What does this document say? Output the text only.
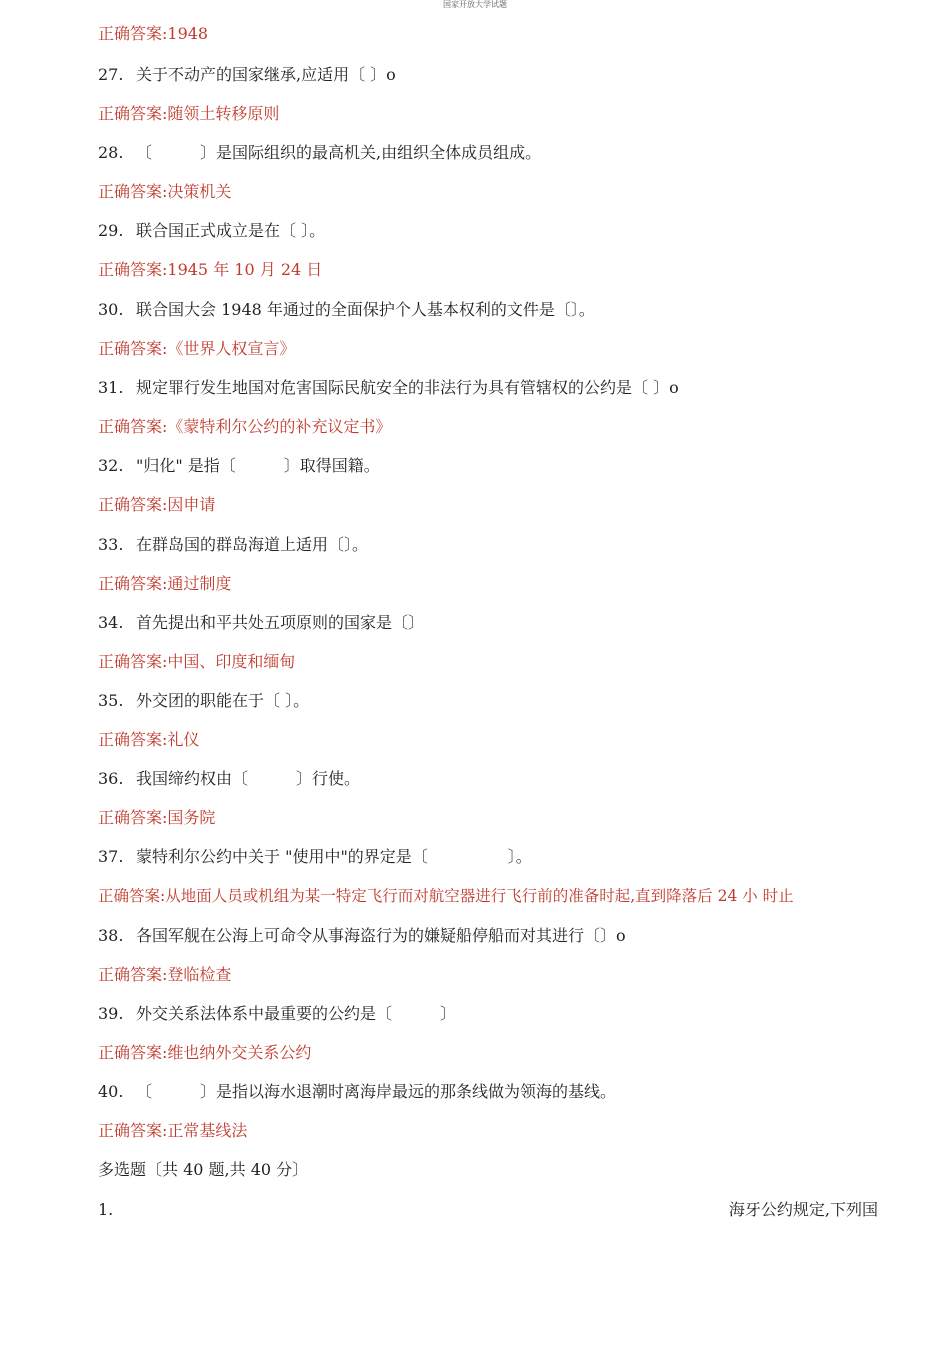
国家开放大学试题
正确答案:1948
27. 关于不动产的国家继承,应适用〔 〕o
正确答案:随领土转移原则
28. 〔　　　〕是国际组织的最高机关,由组织全体成员组成。
正确答案:决策机关
29. 联合国正式成立是在〔 〕。
正确答案:1945 年 10 月 24 日
30. 联合国大会 1948 年通过的全面保护个人基本权利的文件是〔〕。
正确答案:《世界人权宣言》
31. 规定罪行发生地国对危害国际民航安全的非法行为具有管辖权的公约是〔 〕o
正确答案:《蒙特利尔公约的补充议定书》
32. "归化" 是指〔　　　〕取得国籍。
正确答案:因申请
33. 在群岛国的群岛海道上适用〔〕。
正确答案:通过制度
34. 首先提出和平共处五项原则的国家是〔〕
正确答案:中国、印度和缅甸
35. 外交团的职能在于〔 〕。
正确答案:礼仪
36. 我国缔约权由〔　　　〕行使。
正确答案:国务院
37. 蒙特利尔公约中关于 "使用中"的界定是〔　　　　　〕。
正确答案:从地面人员或机组为某一特定飞行而对航空器进行飞行前的准备时起,直到降落后 24 小 时止
38. 各国军舰在公海上可命令从事海盗行为的嫌疑船停船而对其进行〔〕o
正确答案:登临检查
39. 外交关系法体系中最重要的公约是〔　　　〕
正确答案:维也纳外交关系公约
40. 〔　　　〕是指以海水退潮时离海岸最远的那条线做为领海的基线。
正确答案:正常基线法
多选题〔共 40 题,共 40 分〕
1.	海牙公约规定,下列国
